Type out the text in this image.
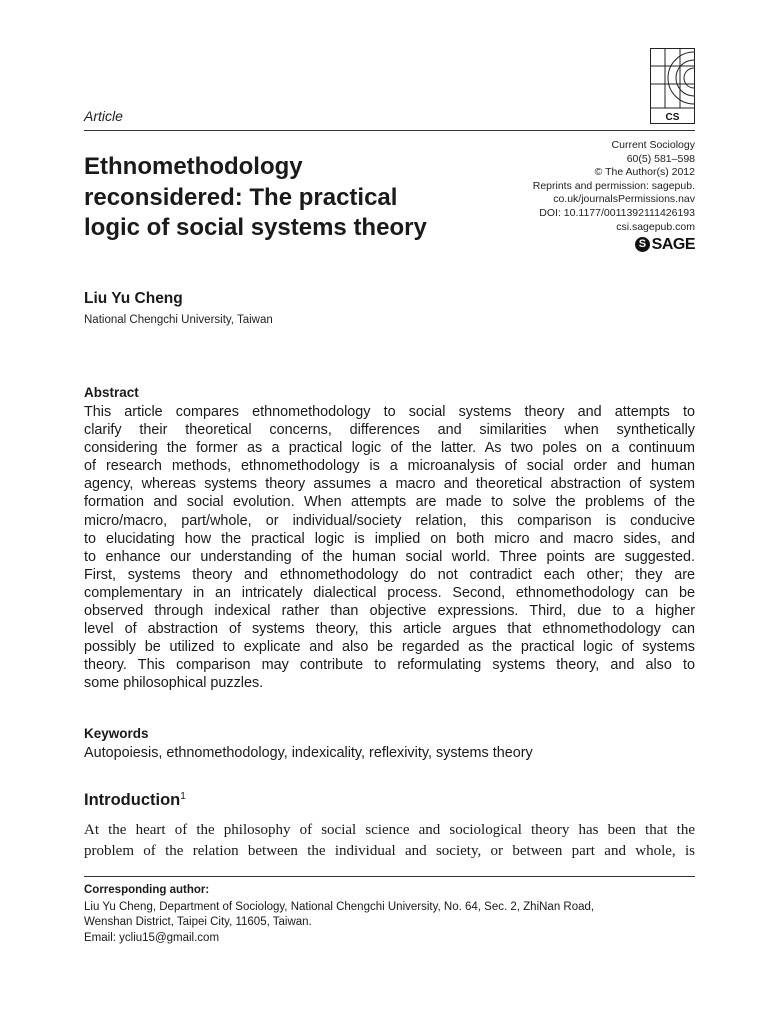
CS
Article
Current Sociology
60(5) 581–598
© The Author(s) 2012
Reprints and permission: sagepub.
co.uk/journalsPermissions.nav
DOI: 10.1177/0011392111426193
csi.sagepub.com
S SAGE
Ethnomethodology
reconsidered: The practical
logic of social systems theory
Liu Yu Cheng
National Chengchi University, Taiwan
Abstract
This article compares ethnomethodology to social systems theory and attempts to
clarify their theoretical concerns, differences and similarities when synthetically
considering the former as a practical logic of the latter. As two poles on a continuum
of research methods, ethnomethodology is a microanalysis of social order and human
agency, whereas systems theory assumes a macro and theoretical abstraction of system
formation and social evolution. When attempts are made to solve the problems of the
micro/macro, part/whole, or individual/society relation, this comparison is conducive
to elucidating how the practical logic is implied on both micro and macro sides, and
to enhance our understanding of the human social world. Three points are suggested.
First, systems theory and ethnomethodology do not contradict each other; they are
complementary in an intricately dialectical process. Second, ethnomethodology can be
observed through indexical rather than objective expressions. Third, due to a higher
level of abstraction of systems theory, this article argues that ethnomethodology can
possibly be utilized to explicate and also be regarded as the practical logic of systems
theory. This comparison may contribute to reformulating systems theory, and also to
some philosophical puzzles.
Keywords
Autopoiesis, ethnomethodology, indexicality, reflexivity, systems theory
Introduction$^1$
At the heart of the philosophy of social science and sociological theory has been that the
problem of the relation between the individual and society, or between part and whole, is
Corresponding author:
Liu Yu Cheng, Department of Sociology, National Chengchi University, No. 64, Sec. 2, ZhiNan Road,
Wenshan District, Taipei City, 11605, Taiwan.
Email: ycliu15@gmail.com
